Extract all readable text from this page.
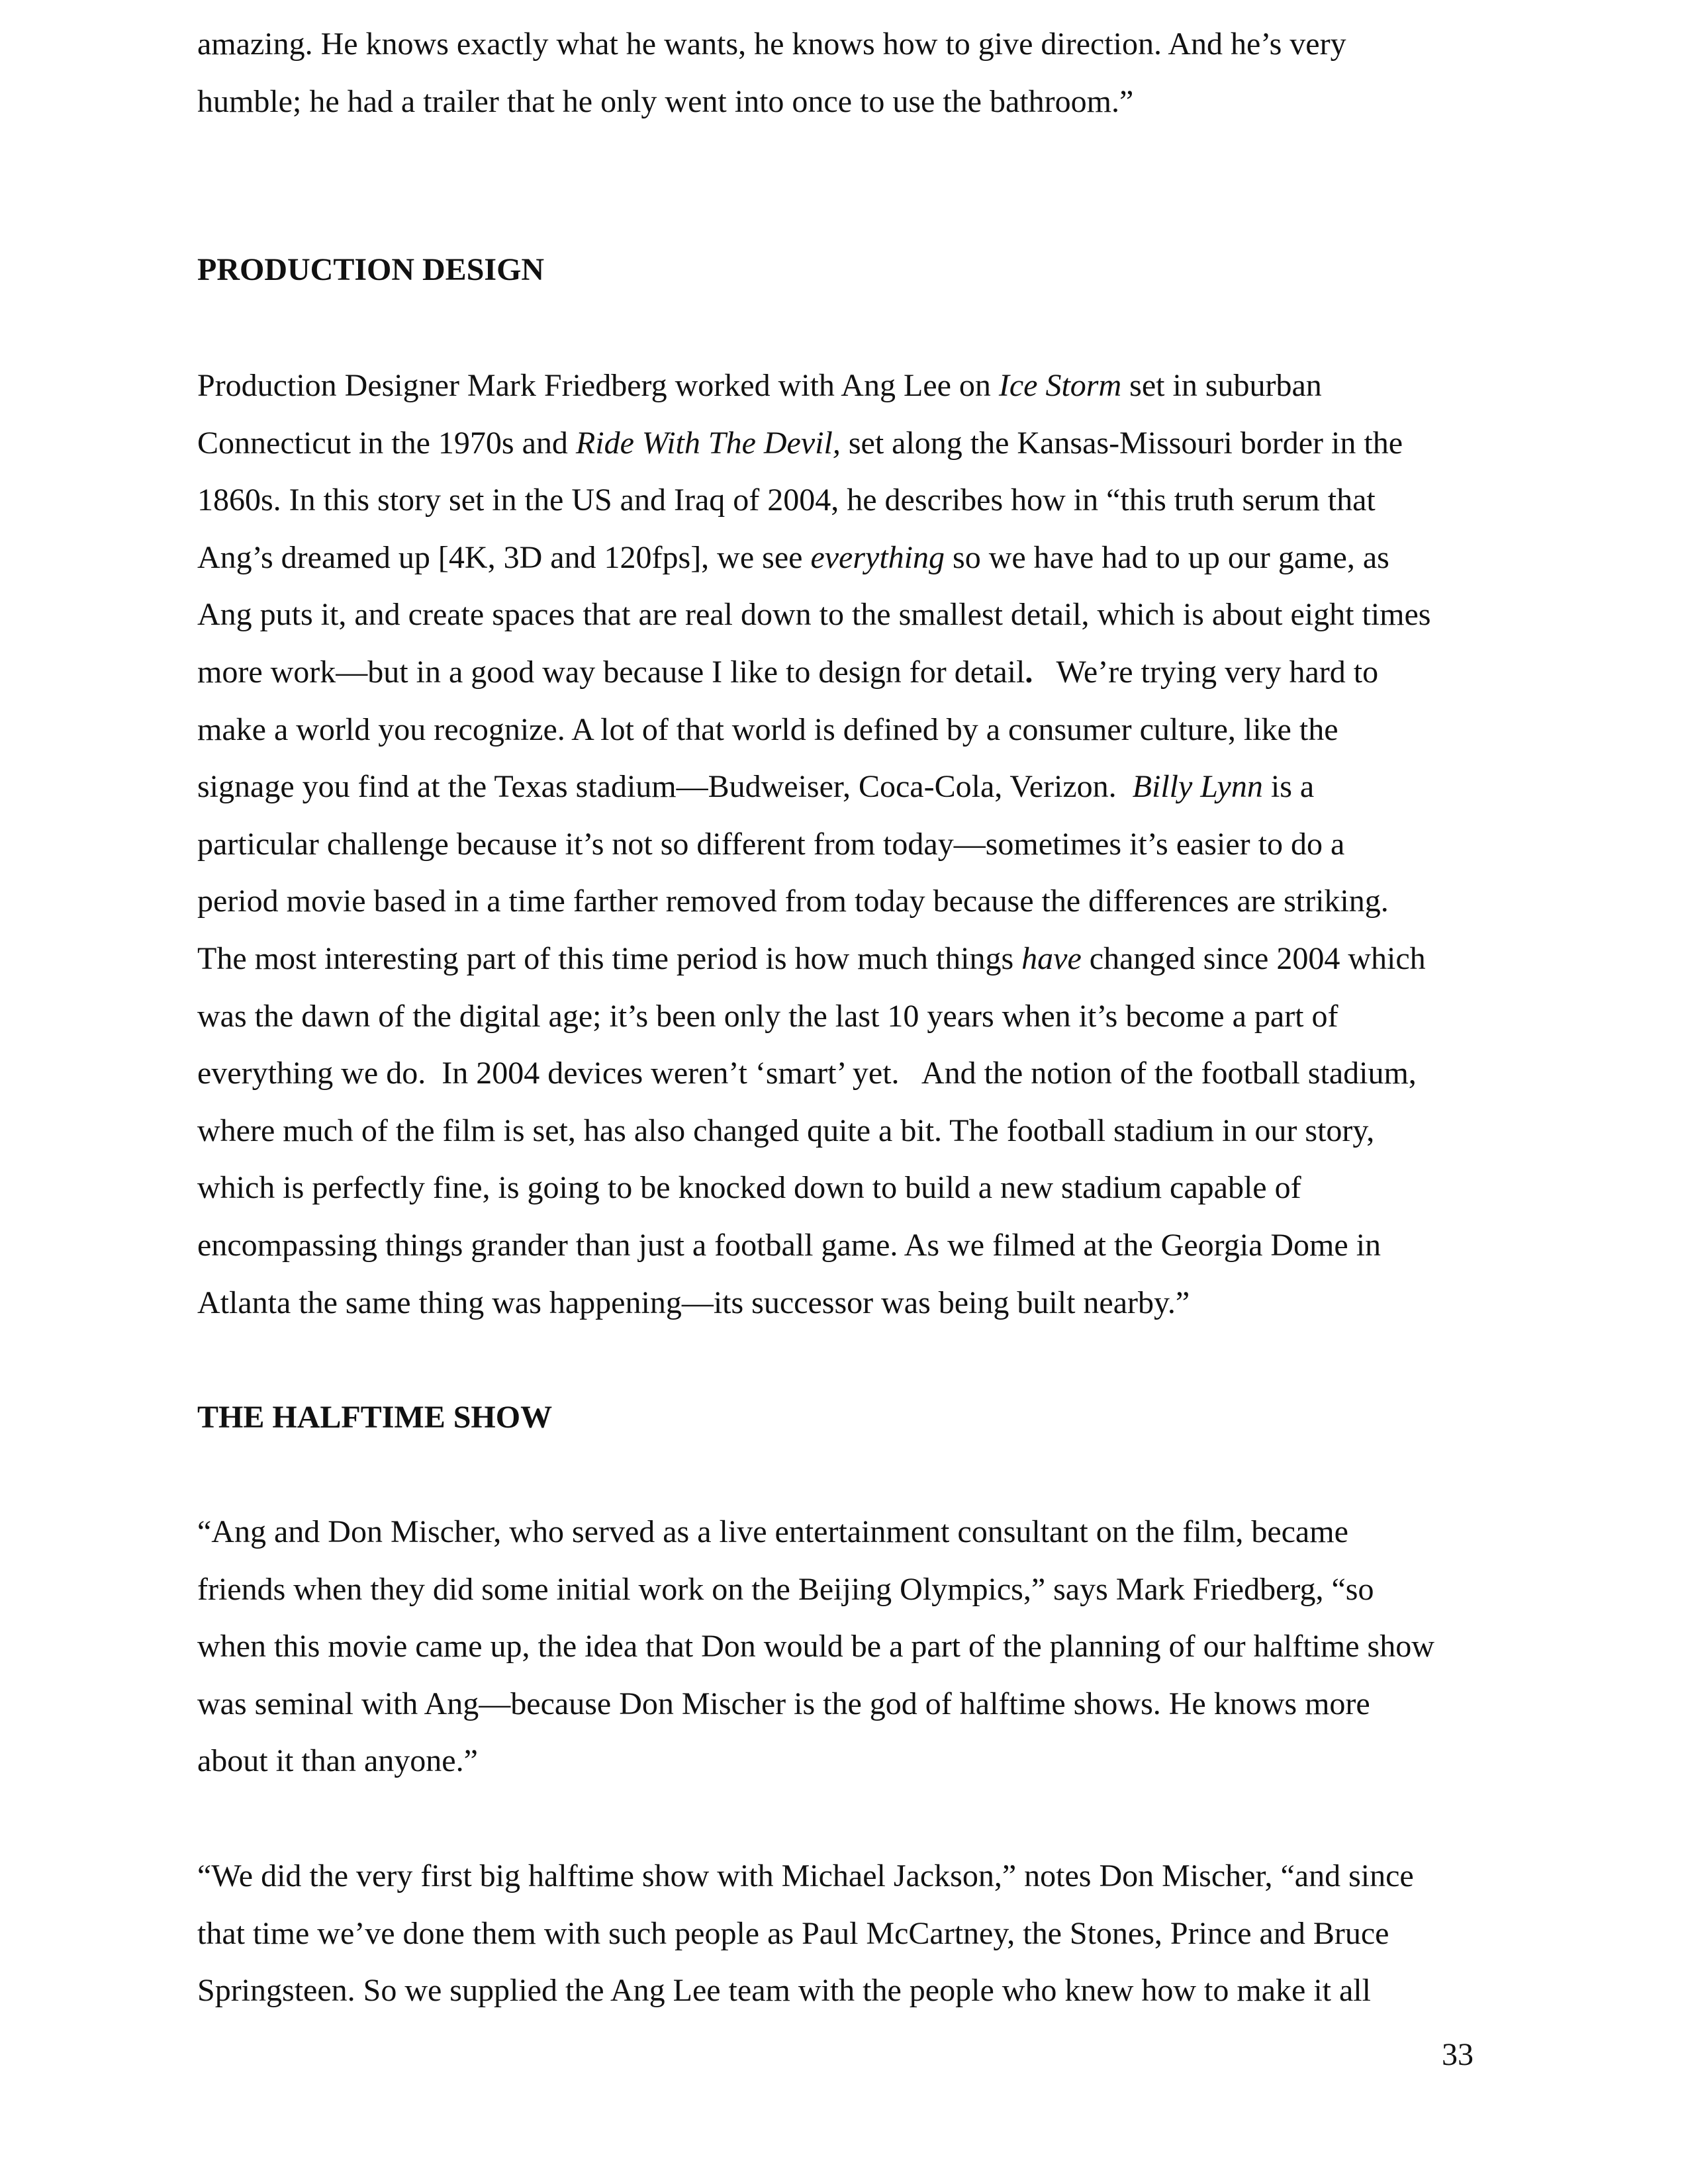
amazing. He knows exactly what he wants, he knows how to give direction. And he’s very
humble; he had a trailer that he only went into once to use the bathroom.”

PRODUCTION DESIGN

Production Designer Mark Friedberg worked with Ang Lee on Ice Storm set in suburban
Connecticut in the 1970s and Ride With The Devil, set along the Kansas-Missouri border in the
1860s. In this story set in the US and Iraq of 2004, he describes how in “this truth serum that
Ang’s dreamed up [4K, 3D and 120fps], we see everything so we have had to up our game, as
Ang puts it, and create spaces that are real down to the smallest detail, which is about eight times
more work—but in a good way because I like to design for detail.   We’re trying very hard to
make a world you recognize. A lot of that world is defined by a consumer culture, like the
signage you find at the Texas stadium—Budweiser, Coca-Cola, Verizon.  Billy Lynn is a
particular challenge because it’s not so different from today—sometimes it’s easier to do a
period movie based in a time farther removed from today because the differences are striking.
The most interesting part of this time period is how much things have changed since 2004 which
was the dawn of the digital age; it’s been only the last 10 years when it’s become a part of
everything we do.  In 2004 devices weren’t ‘smart’ yet.   And the notion of the football stadium,
where much of the film is set, has also changed quite a bit. The football stadium in our story,
which is perfectly fine, is going to be knocked down to build a new stadium capable of
encompassing things grander than just a football game. As we filmed at the Georgia Dome in
Atlanta the same thing was happening—its successor was being built nearby.”

THE HALFTIME SHOW

“Ang and Don Mischer, who served as a live entertainment consultant on the film, became
friends when they did some initial work on the Beijing Olympics,” says Mark Friedberg, “so
when this movie came up, the idea that Don would be a part of the planning of our halftime show
was seminal with Ang—because Don Mischer is the god of halftime shows. He knows more
about it than anyone.”

“We did the very first big halftime show with Michael Jackson,” notes Don Mischer, “and since
that time we’ve done them with such people as Paul McCartney, the Stones, Prince and Bruce
Springsteen. So we supplied the Ang Lee team with the people who knew how to make it all

33
